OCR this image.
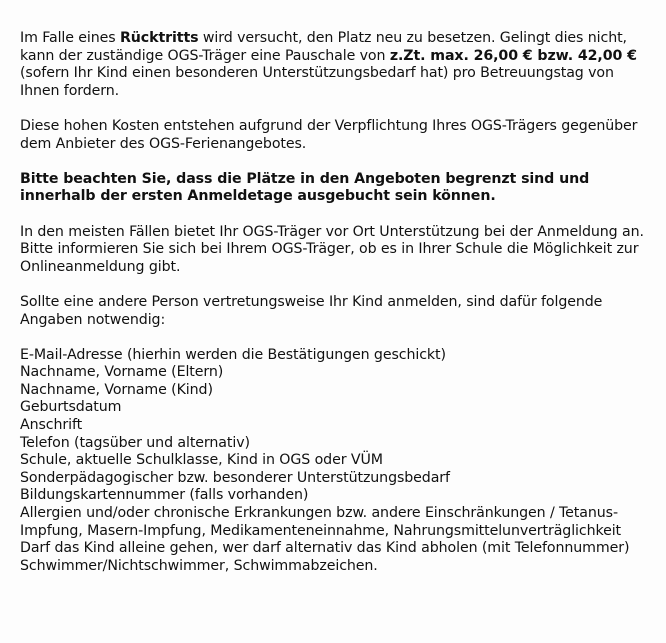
Im Falle eines Rücktritts wird versucht, den Platz neu zu besetzen. Gelingt dies nicht, kann der zuständige OGS-Träger eine Pauschale von z.Zt. max. 26,00 € bzw. 42,00 € (sofern Ihr Kind einen besonderen Unterstützungsbedarf hat) pro Betreuungstag von Ihnen fordern.

Diese hohen Kosten entstehen aufgrund der Verpflichtung Ihres OGS-Trägers gegenüber dem Anbieter des OGS-Ferienangebotes.

Bitte beachten Sie, dass die Plätze in den Angeboten begrenzt sind und innerhalb der ersten Anmeldetage ausgebucht sein können.

In den meisten Fällen bietet Ihr OGS-Träger vor Ort Unterstützung bei der Anmeldung an. Bitte informieren Sie sich bei Ihrem OGS-Träger, ob es in Ihrer Schule die Möglichkeit zur Onlineanmeldung gibt.

Sollte eine andere Person vertretungsweise Ihr Kind anmelden, sind dafür folgende Angaben notwendig:

E-Mail-Adresse (hierhin werden die Bestätigungen geschickt)
Nachname, Vorname (Eltern)
Nachname, Vorname (Kind)
Geburtsdatum
Anschrift
Telefon (tagsüber und alternativ)
Schule, aktuelle Schulklasse, Kind in OGS oder VÜM
Sonderpädagogischer bzw. besonderer Unterstützungsbedarf
Bildungskartennummer (falls vorhanden)
Allergien und/oder chronische Erkrankungen bzw. andere Einschränkungen / Tetanus-Impfung, Masern-Impfung, Medikamenteneinnahme, Nahrungsmittelunverträglichkeit
Darf das Kind alleine gehen, wer darf alternativ das Kind abholen (mit Telefonnummer)
Schwimmer/Nichtschwimmer, Schwimmabzeichen.
